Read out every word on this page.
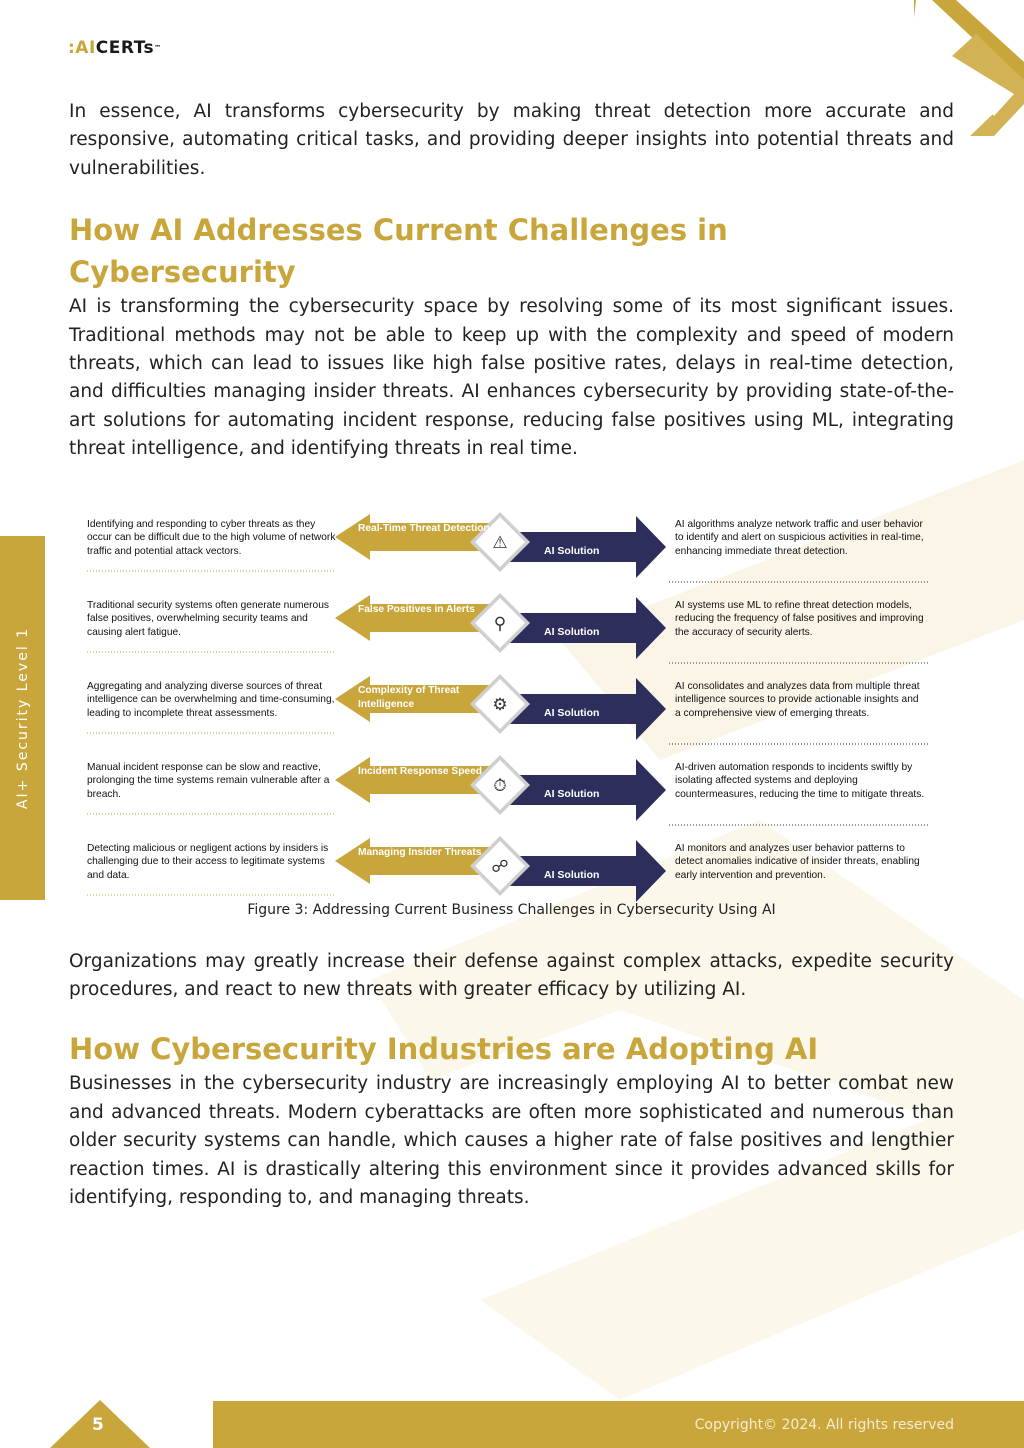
:AI CERTs ™
AI+ Security Level 1

In essence, AI transforms cybersecurity by making threat detection more accurate and responsive, automating critical tasks, and providing deeper insights into potential threats and vulnerabilities.

How AI Addresses Current Challenges in
Cybersecurity

AI is transforming the cybersecurity space by resolving some of its most significant issues. Traditional methods may not be able to keep up with the complexity and speed of modern threats, which can lead to issues like high false positive rates, delays in real-time detection, and difficulties managing insider threats. AI enhances cybersecurity by providing state-of-the-art solutions for automating incident response, reducing false positives using ML, integrating threat intelligence, and identifying threats in real time.

⚠
⚲
⚙
⏱
☍
Identifying and responding to cyber threats as they occur can be difficult due to the high volume of network traffic and potential attack vectors.
Real-Time Threat Detection
AI Solution
AI algorithms analyze network traffic and user behavior to identify and alert on suspicious activities in real-time, enhancing immediate threat detection.
Traditional security systems often generate numerous false positives, overwhelming security teams and causing alert fatigue.
False Positives in Alerts
AI Solution
AI systems use ML to refine threat detection models, reducing the frequency of false positives and improving the accuracy of security alerts.
Aggregating and analyzing diverse sources of threat intelligence can be overwhelming and time-consuming, leading to incomplete threat assessments.
Complexity of Threat Intelligence
AI Solution
AI consolidates and analyzes data from multiple threat intelligence sources to provide actionable insights and a comprehensive view of emerging threats.
Manual incident response can be slow and reactive, prolonging the time systems remain vulnerable after a breach.
Incident Response Speed
AI Solution
AI-driven automation responds to incidents swiftly by isolating affected systems and deploying countermeasures, reducing the time to mitigate threats.
Detecting malicious or negligent actions by insiders is challenging due to their access to legitimate systems and data.
Managing Insider Threats
AI Solution
AI monitors and analyzes user behavior patterns to detect anomalies indicative of insider threats, enabling early intervention and prevention.

Figure 3: Addressing Current Business Challenges in Cybersecurity Using AI

Organizations may greatly increase their defense against complex attacks, expedite security procedures, and react to new threats with greater efficacy by utilizing AI.

How Cybersecurity Industries are Adopting AI

Businesses in the cybersecurity industry are increasingly employing AI to better combat new and advanced threats. Modern cyberattacks are often more sophisticated and numerous than older security systems can handle, which causes a higher rate of false positives and lengthier reaction times. AI is drastically altering this environment since it provides advanced skills for identifying, responding to, and managing threats.

5	Copyright© 2024. All rights reserved
